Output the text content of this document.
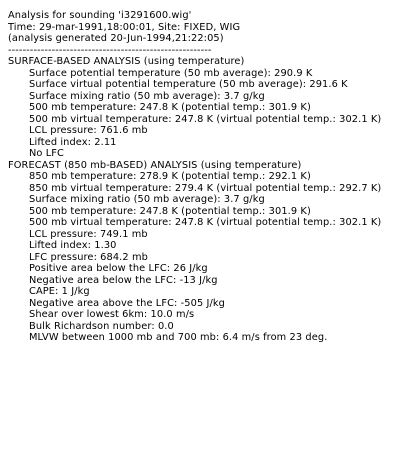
Analysis for sounding 'i3291600.wig'
Time: 29-mar-1991,18:00:01, Site: FIXED, WIG
(analysis generated 20-Jun-1994,21:22:05)
--------------------------------------------------------
SURFACE-BASED ANALYSIS (using temperature)
Surface potential temperature (50 mb average): 290.9 K
Surface virtual potential temperature (50 mb average): 291.6 K
Surface mixing ratio (50 mb average): 3.7 g/kg
500 mb temperature: 247.8 K (potential temp.: 301.9 K)
500 mb virtual temperature: 247.8 K (virtual potential temp.: 302.1 K)
LCL pressure: 761.6 mb
Lifted index: 2.11
No LFC
FORECAST (850 mb-BASED) ANALYSIS (using temperature)
850 mb temperature: 278.9 K (potential temp.: 292.1 K)
850 mb virtual temperature: 279.4 K (virtual potential temp.: 292.7 K)
Surface mixing ratio (50 mb average): 3.7 g/kg
500 mb temperature: 247.8 K (potential temp.: 301.9 K)
500 mb virtual temperature: 247.8 K (virtual potential temp.: 302.1 K)
LCL pressure: 749.1 mb
Lifted index: 1.30
LFC pressure: 684.2 mb
Positive area below the LFC: 26 J/kg
Negative area below the LFC: -13 J/kg
CAPE: 1 J/kg
Negative area above the LFC: -505 J/kg
Shear over lowest 6km: 10.0 m/s
Bulk Richardson number: 0.0
MLVW between 1000 mb and 700 mb: 6.4 m/s from 23 deg.
